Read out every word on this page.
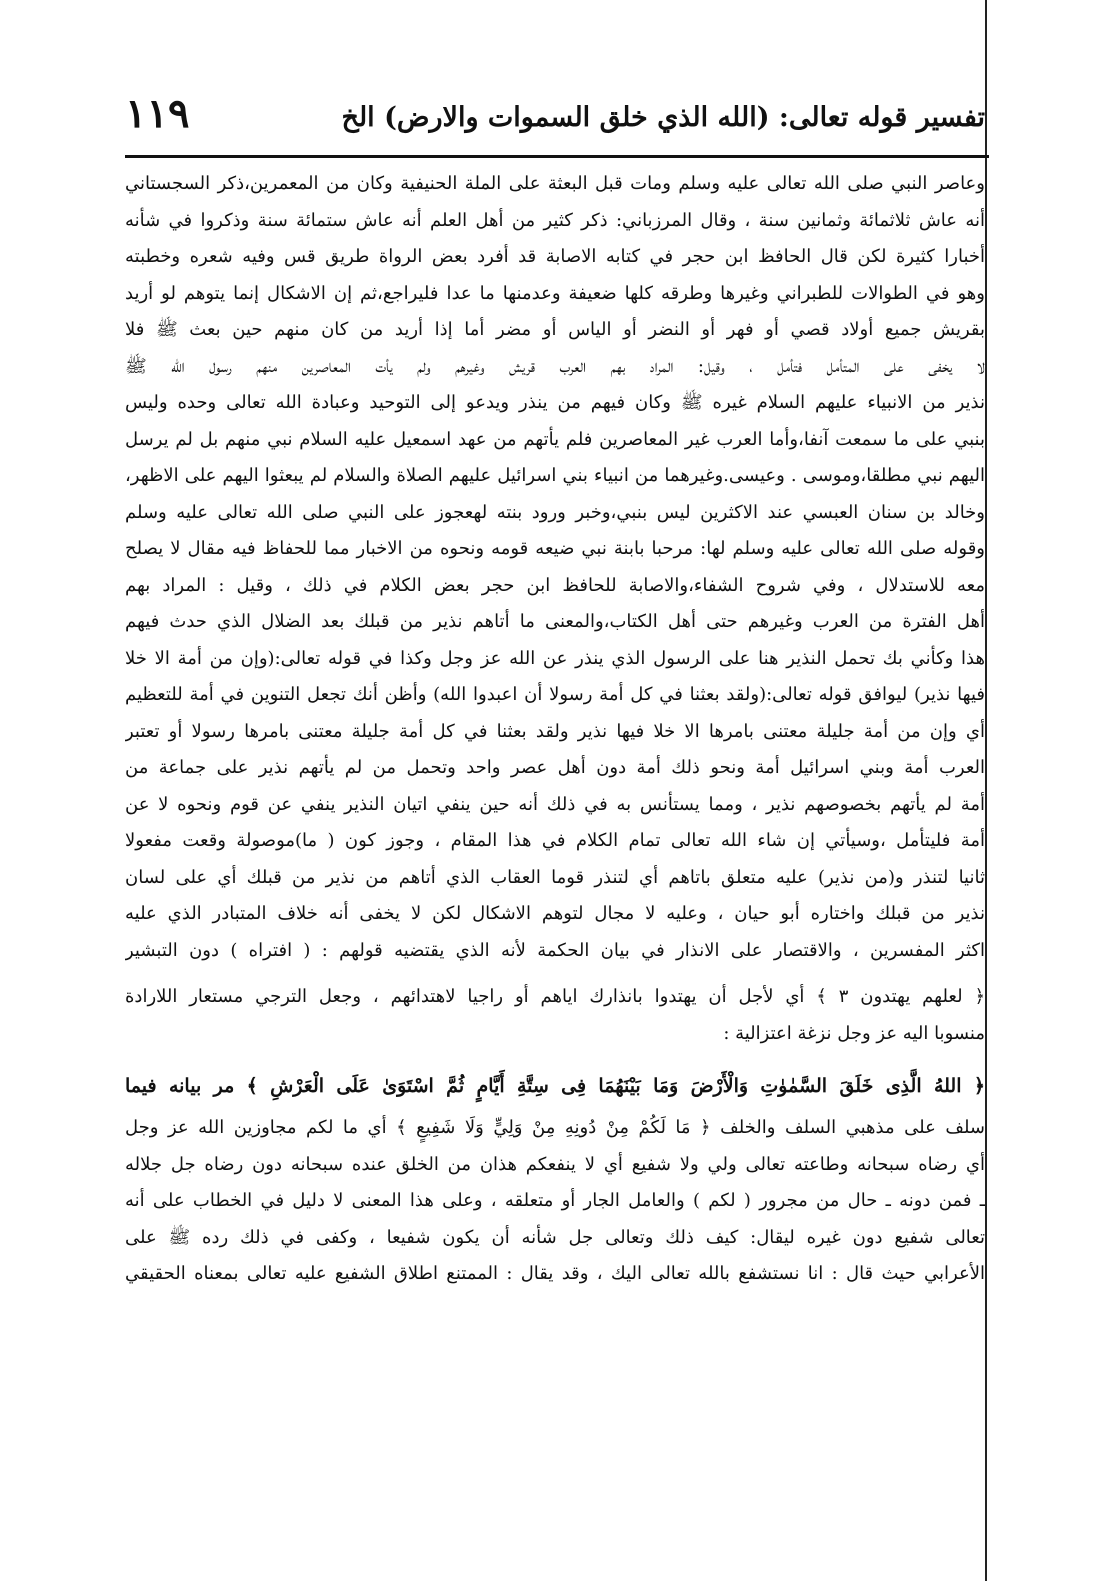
تفسير قوله تعالى: (الله الذي خلق السموات والارض) الخ
١١٩
وعاصر النبي صلى الله تعالى عليه وسلم ومات قبل البعثة على الملة الحنيفية وكان من المعمرين،ذكر السجستاني
أنه عاش ثلاثمائة وثمانين سنة ، وقال المرزباني: ذكر كثير من أهل العلم أنه عاش ستمائة سنة وذكروا في شأنه
أخبارا كثيرة لكن قال الحافظ ابن حجر في كتابه الاصابة قد أفرد بعض الرواة طريق قس وفيه شعره وخطبته
وهو في الطوالات للطبراني وغيرها وطرقه كلها ضعيفة وعدمنها ما عدا فليراجع،ثم إن الاشكال إنما يتوهم لو أريد
بقريش جميع أولاد قصي أو فهر أو النضر أو الياس أو مضر أما إذا أريد من كان منهم حين بعث ﷺ فلا
لا يخفى على المتأمل فتأمل ، وقيل: المراد بهم العرب قريش وغيرهم ولم يأت المعاصرين منهم رسول الله ﷺ
نذير من الانبياء عليهم السلام غيره ﷺ وكان فيهم من ينذر ويدعو إلى التوحيد وعبادة الله تعالى وحده وليس
بنبي على ما سمعت آنفا،وأما العرب غير المعاصرين فلم يأتهم من عهد اسمعيل عليه السلام نبي منهم بل لم يرسل
اليهم نبي مطلقا،وموسى . وعيسى.وغيرهما من انبياء بني اسرائيل عليهم الصلاة والسلام لم يبعثوا اليهم على الاظهر،
وخالد بن سنان العبسي عند الاكثرين ليس بنبي،وخبر ورود بنته لهعجوز على النبي صلى الله تعالى عليه وسلم
وقوله صلى الله تعالى عليه وسلم لها: مرحبا بابنة نبي ضيعه قومه ونحوه من الاخبار مما للحفاظ فيه مقال لا يصلح
معه للاستدلال ، وفي شروح الشفاء،والاصابة للحافظ ابن حجر بعض الكلام في ذلك ، وقيل : المراد بهم
أهل الفترة من العرب وغيرهم حتى أهل الكتاب،والمعنى ما أتاهم نذير من قبلك بعد الضلال الذي حدث فيهم
هذا وكأني بك تحمل النذير هنا على الرسول الذي ينذر عن الله عز وجل وكذا في قوله تعالى:(وإن من أمة الا خلا
فيها نذير) ليوافق قوله تعالى:(ولقد بعثنا في كل أمة رسولا أن اعبدوا الله) وأظن أنك تجعل التنوين في أمة للتعظيم
أي وإن من أمة جليلة معتنى بامرها الا خلا فيها نذير ولقد بعثنا في كل أمة جليلة معتنى بامرها رسولا أو تعتبر
العرب أمة وبني اسرائيل أمة ونحو ذلك أمة دون أهل عصر واحد وتحمل من لم يأتهم نذير على جماعة من
أمة لم يأتهم بخصوصهم نذير ، ومما يستأنس به في ذلك أنه حين ينفي اتيان النذير ينفي عن قوم ونحوه لا عن
أمة فليتأمل ،وسيأتي إن شاء الله تعالى تمام الكلام في هذا المقام ، وجوز كون ( ما)موصولة وقعت مفعولا
ثانيا لتنذر و(من نذير) عليه متعلق باتاهم أي لتنذر قوما العقاب الذي أتاهم من نذير من قبلك أي على لسان
نذير من قبلك واختاره أبو حيان ، وعليه لا مجال لتوهم الاشكال لكن لا يخفى أنه خلاف المتبادر الذي عليه
اكثر المفسرين ، والاقتصار على الانذار في بيان الحكمة لأنه الذي يقتضيه قولهم : ( افتراه ) دون التبشير
﴿ لعلهم يهتدون ٣ ﴾ أي لأجل أن يهتدوا بانذارك اياهم أو راجيا لاهتدائهم ، وجعل الترجي مستعار اللارادة
منسوبا اليه عز وجل نزغة اعتزالية :
﴿ اللهُ الَّذِى خَلَقَ السَّمٰوٰتِ وَالْأَرْضَ وَمَا بَيْنَهُمَا فِى سِتَّةِ أَيَّامٍ ثُمَّ اسْتَوَىٰ عَلَى الْعَرْشِ ﴾ مر بيانه فيما
سلف على مذهبي السلف والخلف ﴿ مَا لَكُمْ مِنْ دُونِهِ مِنْ وَلِيٍّ وَلَا شَفِيعٍ ﴾ أي ما لكم مجاوزين الله عز وجل
أي رضاه سبحانه وطاعته تعالى ولي ولا شفيع أي لا ينفعكم هذان من الخلق عنده سبحانه دون رضاه جل جلاله
ـ فمن دونه ـ حال من مجرور ( لكم ) والعامل الجار أو متعلقه ، وعلى هذا المعنى لا دليل في الخطاب على أنه
تعالى شفيع دون غيره ليقال: كيف ذلك وتعالى جل شأنه أن يكون شفيعا ، وكفى في ذلك رده ﷺ على
الأعرابي حيث قال : انا نستشفع بالله تعالى اليك ، وقد يقال : الممتنع اطلاق الشفيع عليه تعالى بمعناه الحقيقي
